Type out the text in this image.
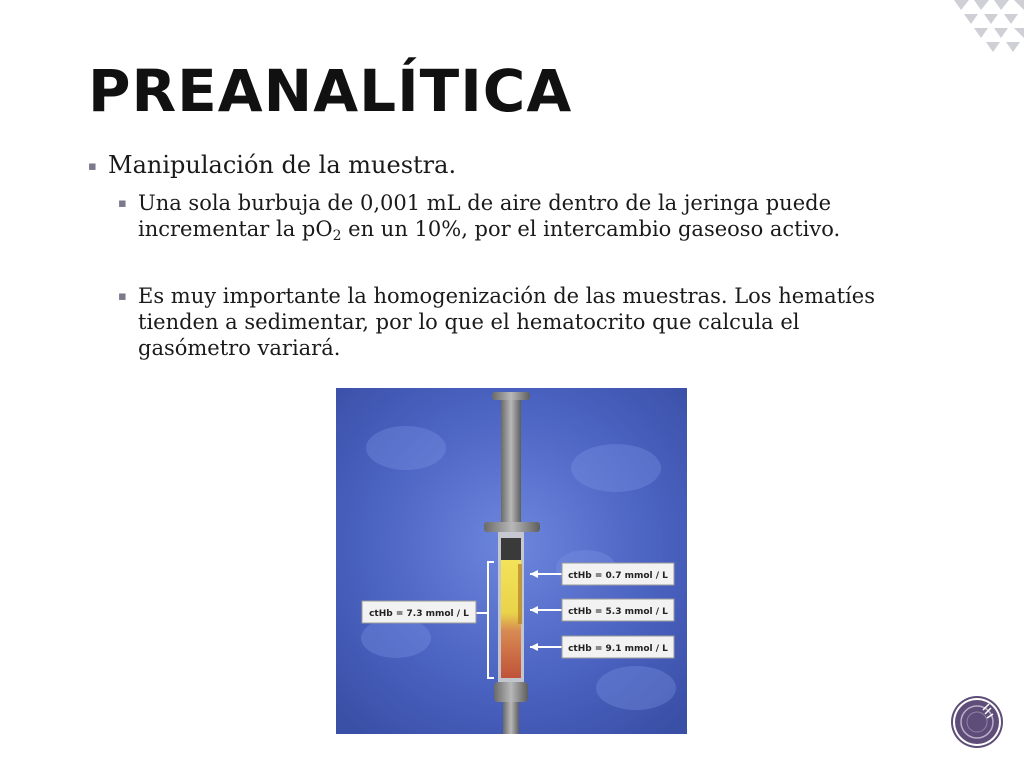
PREANALÍTICA
▪ Manipulación de la muestra.
▪ Una sola burbuja de 0,001 mL de aire dentro de la jeringa puede incrementar la $pO_2$ en un 10%, por el intercambio gaseoso activo.
▪ Es muy importante la homogenización de las muestras. Los hematíes tienden a sedimentar, por lo que el hematocrito que calcula el gasómetro variará.
ctHb = 7.3 mmol / L
ctHb = 0.7 mmol / L
ctHb = 5.3 mmol / L
ctHb = 9.1 mmol / L
